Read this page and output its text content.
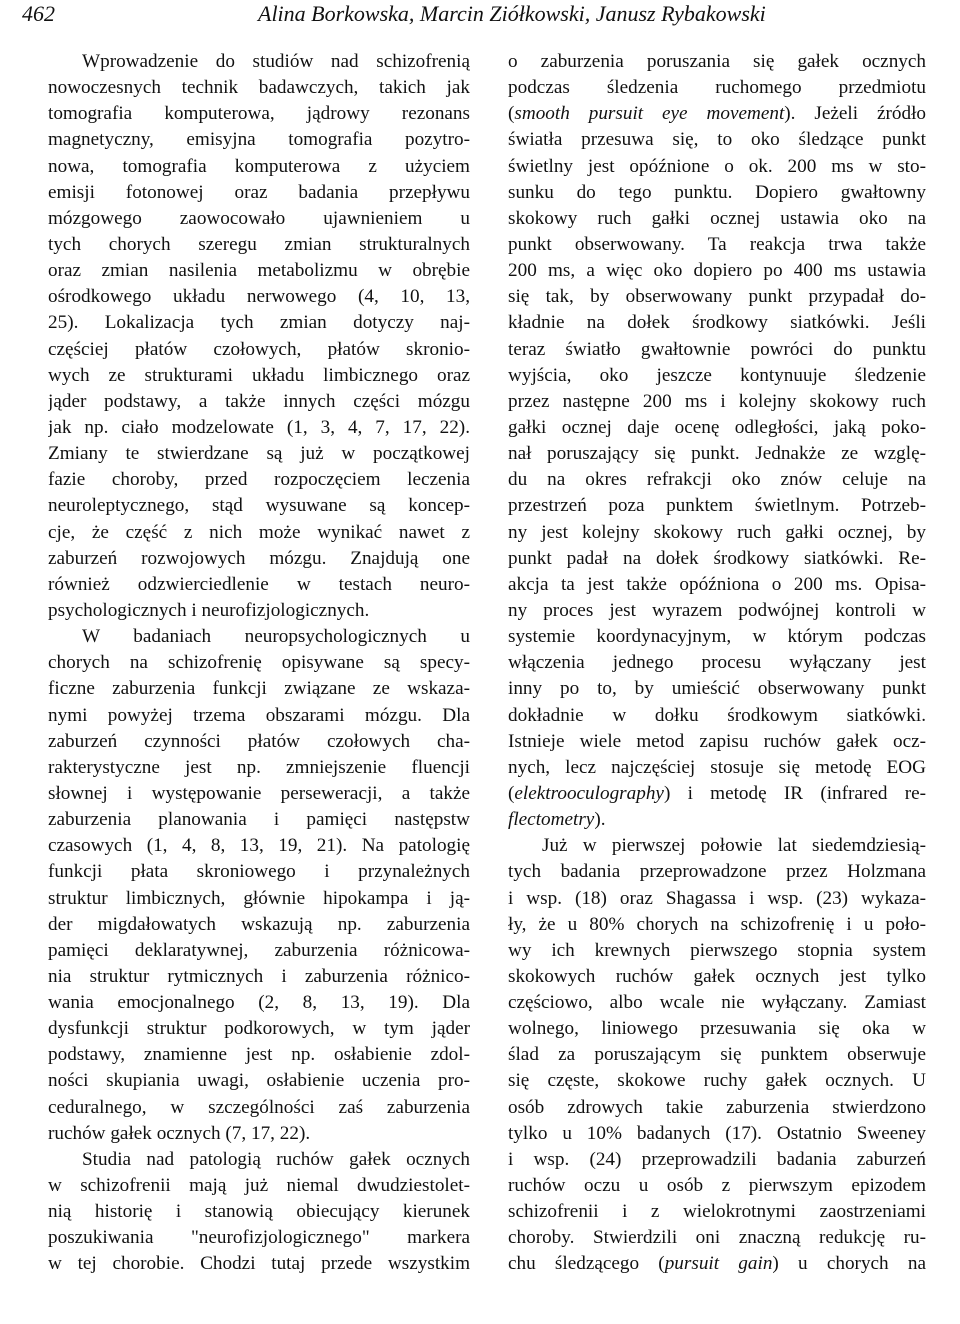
462	Alina Borkowska, Marcin Ziółkowski, Janusz Rybakowski
Wprowadzenie do studiów nad schizofrenią
nowoczesnych technik badawczych, takich jak
tomografia komputerowa, jądrowy rezonans
magnetyczny, emisyjna tomografia pozytro-
nowa, tomografia komputerowa z użyciem
emisji fotonowej oraz badania przepływu
mózgowego zaowocowało ujawnieniem u
tych chorych szeregu zmian strukturalnych
oraz zmian nasilenia metabolizmu w obrębie
ośrodkowego układu nerwowego (4, 10, 13,
25). Lokalizacja tych zmian dotyczy naj-
częściej płatów czołowych, płatów skronio-
wych ze strukturami układu limbicznego oraz
jąder podstawy, a także innych części mózgu
jak np. ciało modzelowate (1, 3, 4, 7, 17, 22).
Zmiany te stwierdzane są już w początkowej
fazie choroby, przed rozpoczęciem leczenia
neuroleptycznego, stąd wysuwane są koncep-
cje, że część z nich może wynikać nawet z
zaburzeń rozwojowych mózgu. Znajdują one
również odzwierciedlenie w testach neuro-
psychologicznych i neurofizjologicznych.
W badaniach neuropsychologicznych u
chorych na schizofrenię opisywane są specy-
ficzne zaburzenia funkcji związane ze wskaza-
nymi powyżej trzema obszarami mózgu. Dla
zaburzeń czynności płatów czołowych cha-
rakterystyczne jest np. zmniejszenie fluencji
słownej i występowanie perseweracji, a także
zaburzenia planowania i pamięci następstw
czasowych (1, 4, 8, 13, 19, 21). Na patologię
funkcji płata skroniowego i przynależnych
struktur limbicznych, głównie hipokampa i ją-
der migdałowatych wskazują np. zaburzenia
pamięci deklaratywnej, zaburzenia różnicowa-
nia struktur rytmicznych i zaburzenia różnico-
wania emocjonalnego (2, 8, 13, 19). Dla
dysfunkcji struktur podkorowych, w tym jąder
podstawy, znamienne jest np. osłabienie zdol-
ności skupiania uwagi, osłabienie uczenia pro-
ceduralnego, w szczególności zaś zaburzenia
ruchów gałek ocznych (7, 17, 22).
Studia nad patologią ruchów gałek ocznych
w schizofrenii mają już niemal dwudziestolet-
nią historię i stanowią obiecujący kierunek
poszukiwania "neurofizjologicznego" markera
w tej chorobie. Chodzi tutaj przede wszystkim
o zaburzenia poruszania się gałek ocznych
podczas śledzenia ruchomego przedmiotu
(smooth pursuit eye movement). Jeżeli źródło
światła przesuwa się, to oko śledzące punkt
świetlny jest opóźnione o ok. 200 ms w sto-
sunku do tego punktu. Dopiero gwałtowny
skokowy ruch gałki ocznej ustawia oko na
punkt obserwowany. Ta reakcja trwa także
200 ms, a więc oko dopiero po 400 ms ustawia
się tak, by obserwowany punkt przypadał do-
kładnie na dołek środkowy siatkówki. Jeśli
teraz światło gwałtownie powróci do punktu
wyjścia, oko jeszcze kontynuuje śledzenie
przez następne 200 ms i kolejny skokowy ruch
gałki ocznej daje ocenę odległości, jaką poko-
nał poruszający się punkt. Jednakże ze wzglę-
du na okres refrakcji oko znów celuje na
przestrzeń poza punktem świetlnym. Potrzeb-
ny jest kolejny skokowy ruch gałki ocznej, by
punkt padał na dołek środkowy siatkówki. Re-
akcja ta jest także opóźniona o 200 ms. Opisa-
ny proces jest wyrazem podwójnej kontroli w
systemie koordynacyjnym, w którym podczas
włączenia jednego procesu wyłączany jest
inny po to, by umieścić obserwowany punkt
dokładnie w dołku środkowym siatkówki.
Istnieje wiele metod zapisu ruchów gałek ocz-
nych, lecz najczęściej stosuje się metodę EOG
(elektrooculography) i metodę IR (infrared re-
flectometry).
Już w pierwszej połowie lat siedemdziesią-
tych badania przeprowadzone przez Holzmana
i wsp. (18) oraz Shagassa i wsp. (23) wykaza-
ły, że u 80% chorych na schizofrenię i u poło-
wy ich krewnych pierwszego stopnia system
skokowych ruchów gałek ocznych jest tylko
częściowo, albo wcale nie wyłączany. Zamiast
wolnego, liniowego przesuwania się oka w
ślad za poruszającym się punktem obserwuje
się częste, skokowe ruchy gałek ocznych. U
osób zdrowych takie zaburzenia stwierdzono
tylko u 10% badanych (17). Ostatnio Sweeney
i wsp. (24) przeprowadzili badania zaburzeń
ruchów oczu u osób z pierwszym epizodem
schizofrenii i z wielokrotnymi zaostrzeniami
choroby. Stwierdzili oni znaczną redukcję ru-
chu śledzącego (pursuit gain) u chorych na
